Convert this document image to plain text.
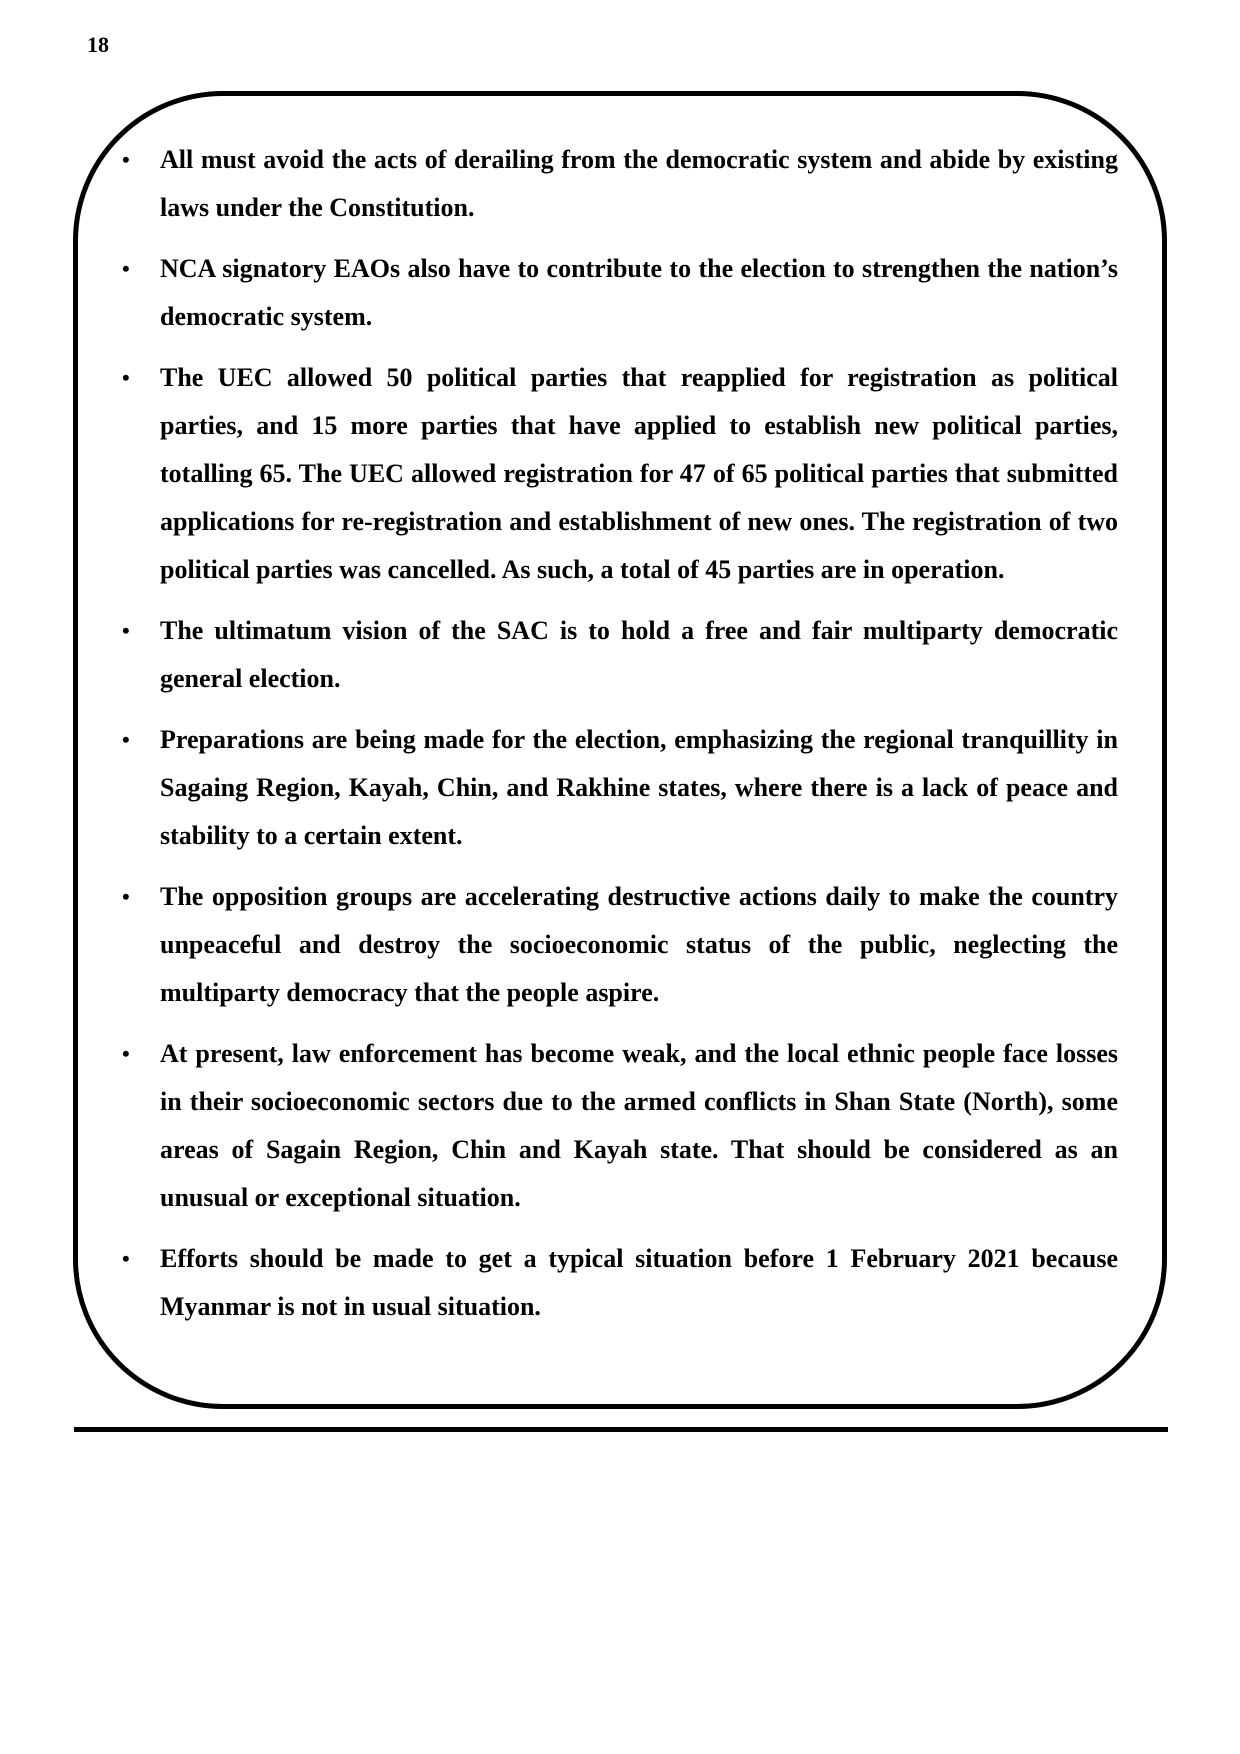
18
•	All must avoid the acts of derailing from the democratic system and abide by existing laws under the Constitution.
•	NCA signatory EAOs also have to contribute to the election to strengthen the nation’s democratic system.
•	The UEC allowed 50 political parties that reapplied for registration as political parties, and 15 more parties that have applied to establish new political parties, totalling 65. The UEC allowed registration for 47 of 65 political parties that submitted applications for re-registration and establishment of new ones. The registration of two political parties was cancelled. As such, a total of 45 parties are in operation.
•	The ultimatum vision of the SAC is to hold a free and fair multiparty democratic general election.
•	Preparations are being made for the election, emphasizing the regional tranquillity in Sagaing Region, Kayah, Chin, and Rakhine states, where there is a lack of peace and stability to a certain extent.
•	The opposition groups are accelerating destructive actions daily to make the country unpeaceful and destroy the socioeconomic status of the public, neglecting the multiparty democracy that the people aspire.
•	At present, law enforcement has become weak, and the local ethnic people face losses in their socioeconomic sectors due to the armed conflicts in Shan State (North), some areas of Sagain Region, Chin and Kayah state. That should be considered as an unusual or exceptional situation.
•	Efforts should be made to get a typical situation before 1 February 2021 because Myanmar is not in usual situation.
